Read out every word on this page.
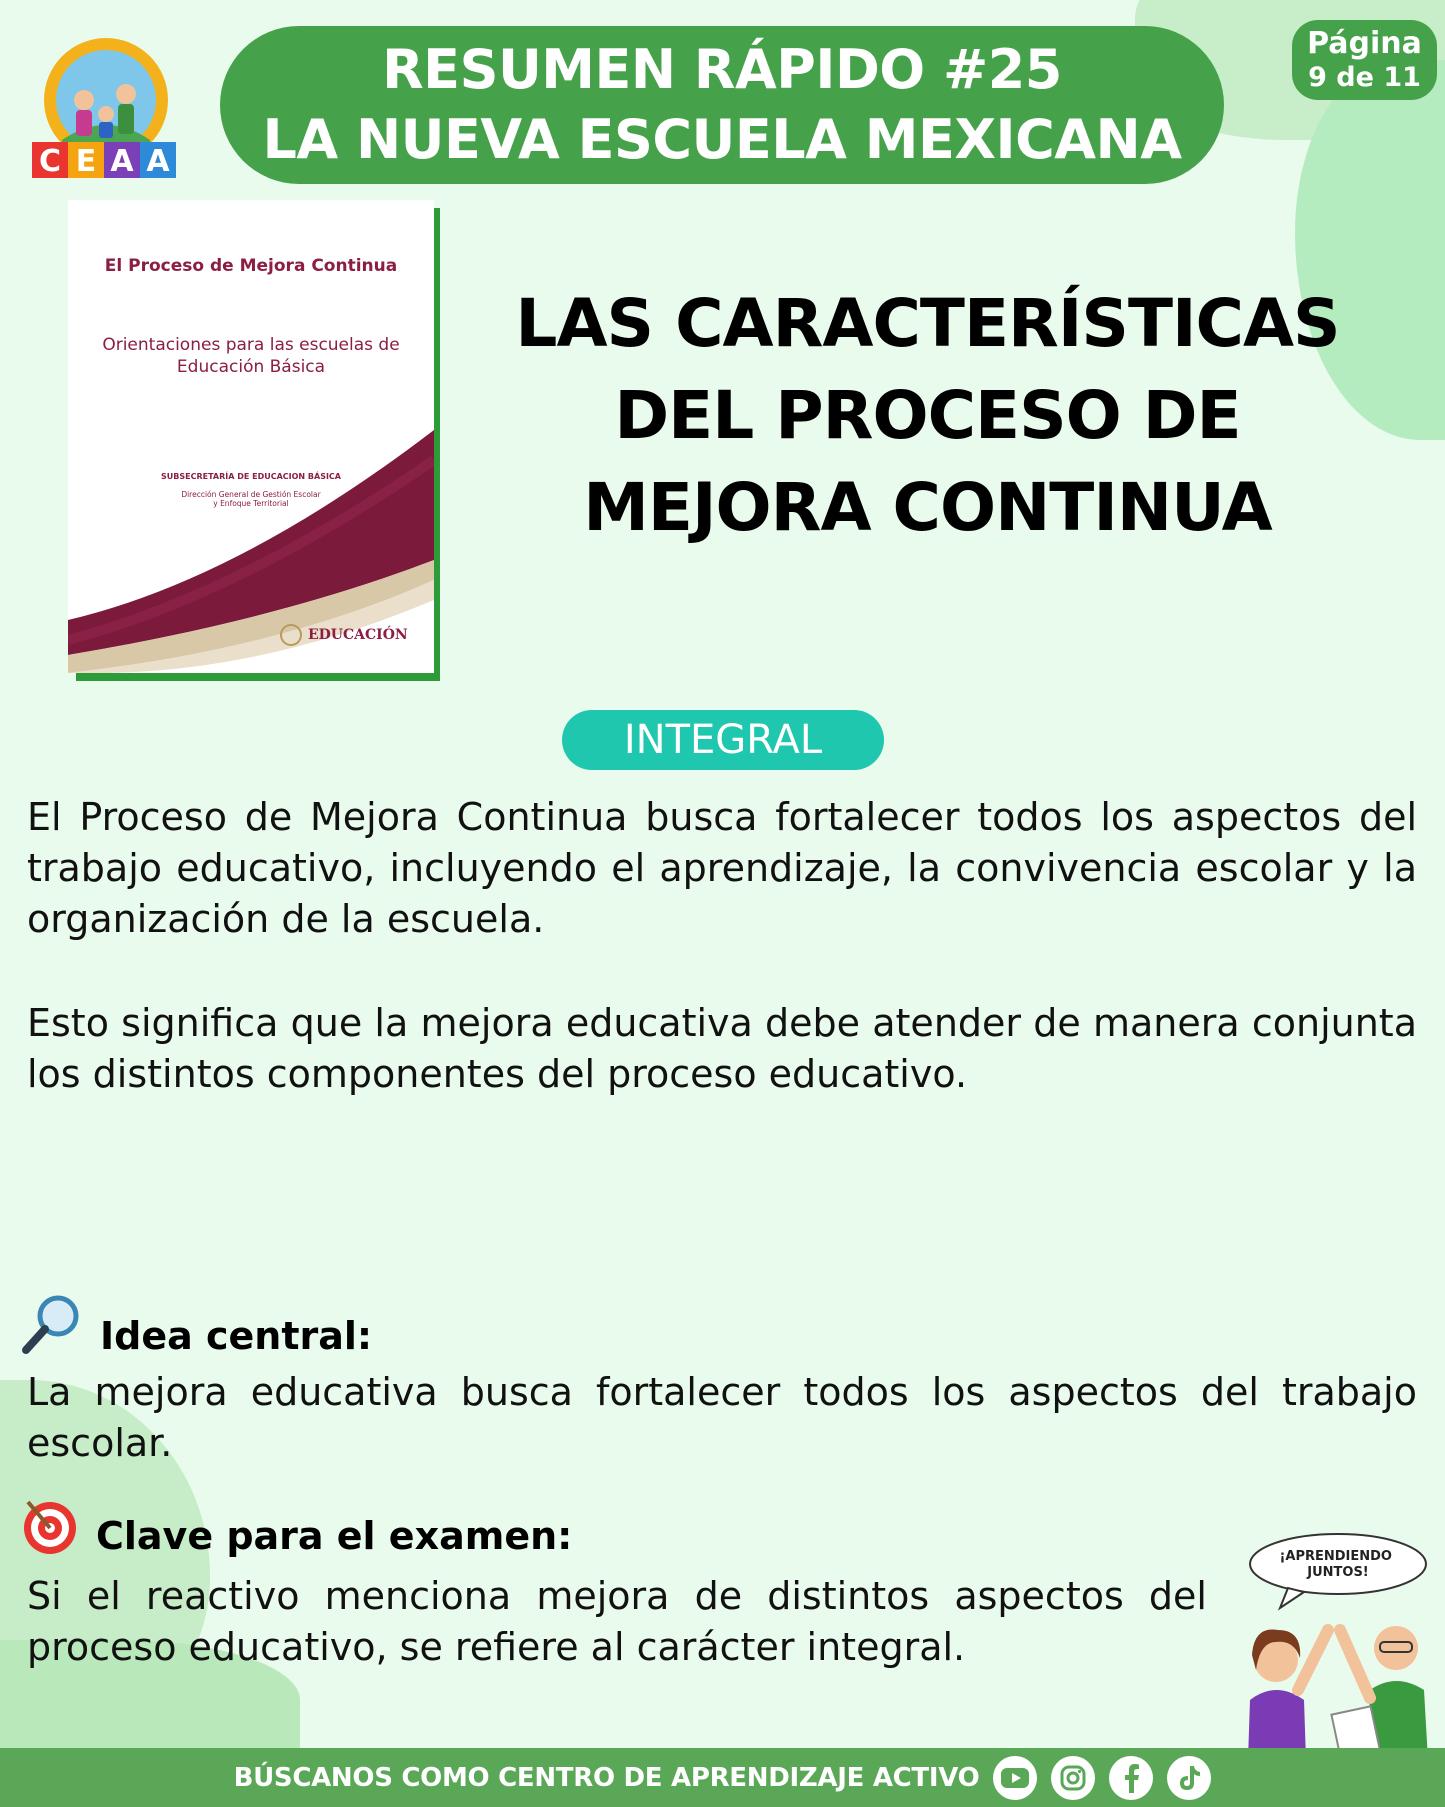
C E A A
RESUMEN RÁPIDO #25
LA NUEVA ESCUELA MEXICANA
Página
9 de 11
El Proceso de Mejora Continua
Orientaciones para las escuelas de Educación Básica
SUBSECRETARÍA DE EDUCACION BÁSICA
Dirección General de Gestión Escolar
y Enfoque Territorial
EDUCACIÓN
LAS CARACTERÍSTICAS
DEL PROCESO DE
MEJORA CONTINUA
INTEGRAL
El Proceso de Mejora Continua busca fortalecer todos los aspectos del trabajo educativo, incluyendo el aprendizaje, la convivencia escolar y la organización de la escuela.
Esto significa que la mejora educativa debe atender de manera conjunta los distintos componentes del proceso educativo.
Idea central:
La mejora educativa busca fortalecer todos los aspectos del trabajo escolar.
Clave para el examen:
Si el reactivo menciona mejora de distintos aspectos del proceso educativo, se refiere al carácter integral.
¡APRENDIENDO JUNTOS!
BÚSCANOS COMO CENTRO DE APRENDIZAJE ACTIVO
